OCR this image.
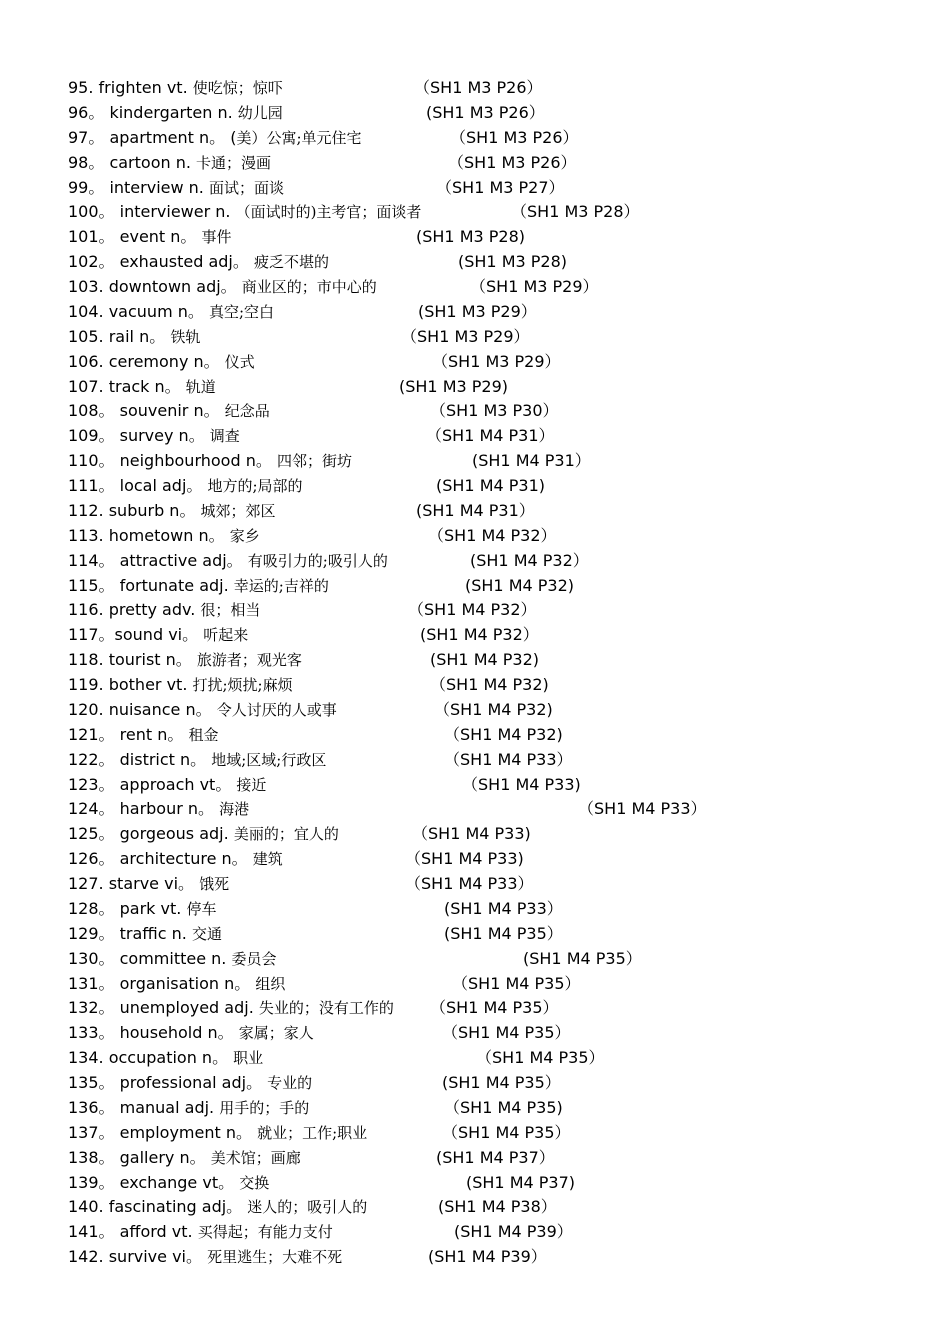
95. frighten vt. 使吃惊；惊吓	（SH1 M3 P26）
96。 kindergarten n. 幼儿园	(SH1 M3 P26）
97。 apartment n。 (美）公寓;单元住宅	（SH1 M3 P26）
98。 cartoon n. 卡通；漫画	（SH1 M3 P26）
99。 interview n. 面试；面谈	（SH1 M3 P27）
100。 interviewer n. （面试时的)主考官；面谈者	（SH1 M3 P28）
101。 event n。 事件	(SH1 M3 P28)
102。 exhausted adj。 疲乏不堪的	(SH1 M3 P28)
103. downtown adj。 商业区的；市中心的	（SH1 M3 P29）
104. vacuum n。 真空;空白	(SH1 M3 P29）
105. rail n。 铁轨	（SH1 M3 P29）
106. ceremony n。 仪式	（SH1 M3 P29）
107. track n。 轨道	(SH1 M3 P29)
108。 souvenir n。 纪念品	（SH1 M3 P30）
109。 survey n。 调查	（SH1 M4 P31）
110。 neighbourhood n。 四邻；街坊	(SH1 M4 P31）
111。 local adj。 地方的;局部的	(SH1 M4 P31)
112. suburb n。 城郊；郊区	(SH1 M4 P31）
113. hometown n。 家乡	（SH1 M4 P32）
114。 attractive adj。 有吸引力的;吸引人的	(SH1 M4 P32）
115。 fortunate adj. 幸运的;吉祥的	(SH1 M4 P32)
116. pretty adv. 很；相当	（SH1 M4 P32）
117。sound vi。 听起来	(SH1 M4 P32）
118. tourist n。 旅游者；观光客	(SH1 M4 P32)
119. bother vt. 打扰;烦扰;麻烦	（SH1 M4 P32)
120. nuisance n。 令人讨厌的人或事	（SH1 M4 P32)
121。 rent n。 租金	（SH1 M4 P32)
122。 district n。 地域;区域;行政区	（SH1 M4 P33）
123。 approach vt。 接近	（SH1 M4 P33)
124。 harbour n。 海港	（SH1 M4 P33）
125。 gorgeous adj. 美丽的；宜人的	（SH1 M4 P33)
126。 architecture n。 建筑	（SH1 M4 P33)
127. starve vi。 饿死	（SH1 M4 P33）
128。 park vt. 停车	(SH1 M4 P33）
129。 traffic n. 交通	(SH1 M4 P35）
130。 committee n. 委员会	(SH1 M4 P35）
131。 organisation n。 组织	（SH1 M4 P35）
132。 unemployed adj. 失业的；没有工作的 （SH1 M4 P35）
133。 household n。 家属；家人	（SH1 M4 P35）
134. occupation n。 职业	（SH1 M4 P35）
135。 professional adj。 专业的	(SH1 M4 P35）
136。 manual adj. 用手的；手的	（SH1 M4 P35)
137。 employment n。 就业；工作;职业	（SH1 M4 P35）
138。 gallery n。 美术馆；画廊	(SH1 M4 P37）
139。 exchange vt。 交换	(SH1 M4 P37)
140. fascinating adj。 迷人的；吸引人的	(SH1 M4 P38）
141。 afford vt. 买得起；有能力支付	(SH1 M4 P39）
142. survive vi。 死里逃生；大难不死	(SH1 M4 P39）
